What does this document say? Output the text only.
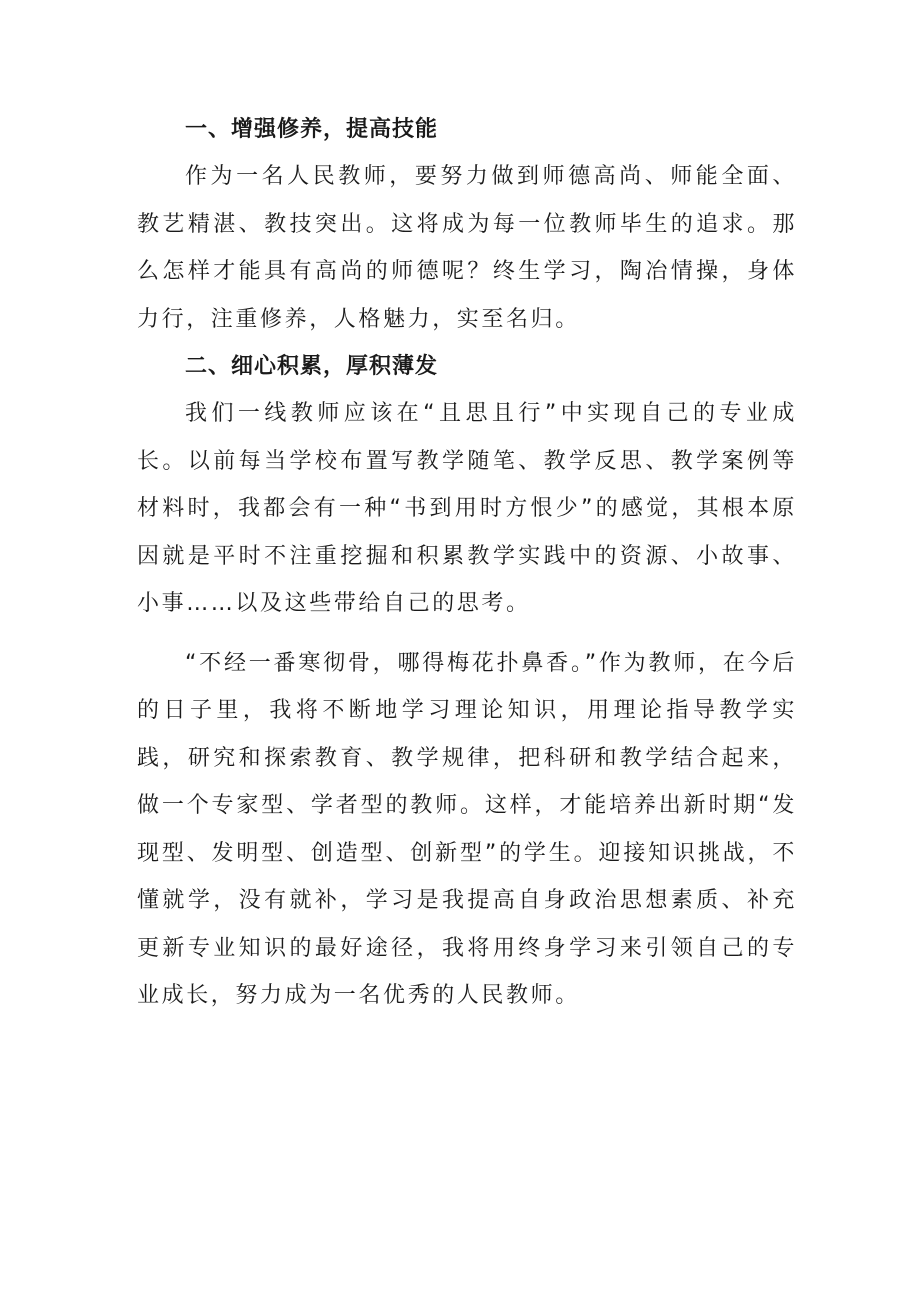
一、增强修养，提高技能

作为一名人民教师，要努力做到师德高尚、师能全面、教艺精湛、教技突出。这将成为每一位教师毕生的追求。那么怎样才能具有高尚的师德呢？终生学习，陶冶情操，身体力行，注重修养，人格魅力，实至名归。

二、细心积累，厚积薄发

我们一线教师应该在“且思且行”中实现自己的专业成长。以前每当学校布置写教学随笔、教学反思、教学案例等材料时，我都会有一种“书到用时方恨少”的感觉，其根本原因就是平时不注重挖掘和积累教学实践中的资源、小故事、小事……以及这些带给自己的思考。

“不经一番寒彻骨，哪得梅花扑鼻香。”作为教师，在今后的日子里，我将不断地学习理论知识，用理论指导教学实践，研究和探索教育、教学规律，把科研和教学结合起来，做一个专家型、学者型的教师。这样，才能培养出新时期“发现型、发明型、创造型、创新型”的学生。迎接知识挑战，不懂就学，没有就补，学习是我提高自身政治思想素质、补充更新专业知识的最好途径，我将用终身学习来引领自己的专业成长，努力成为一名优秀的人民教师。
